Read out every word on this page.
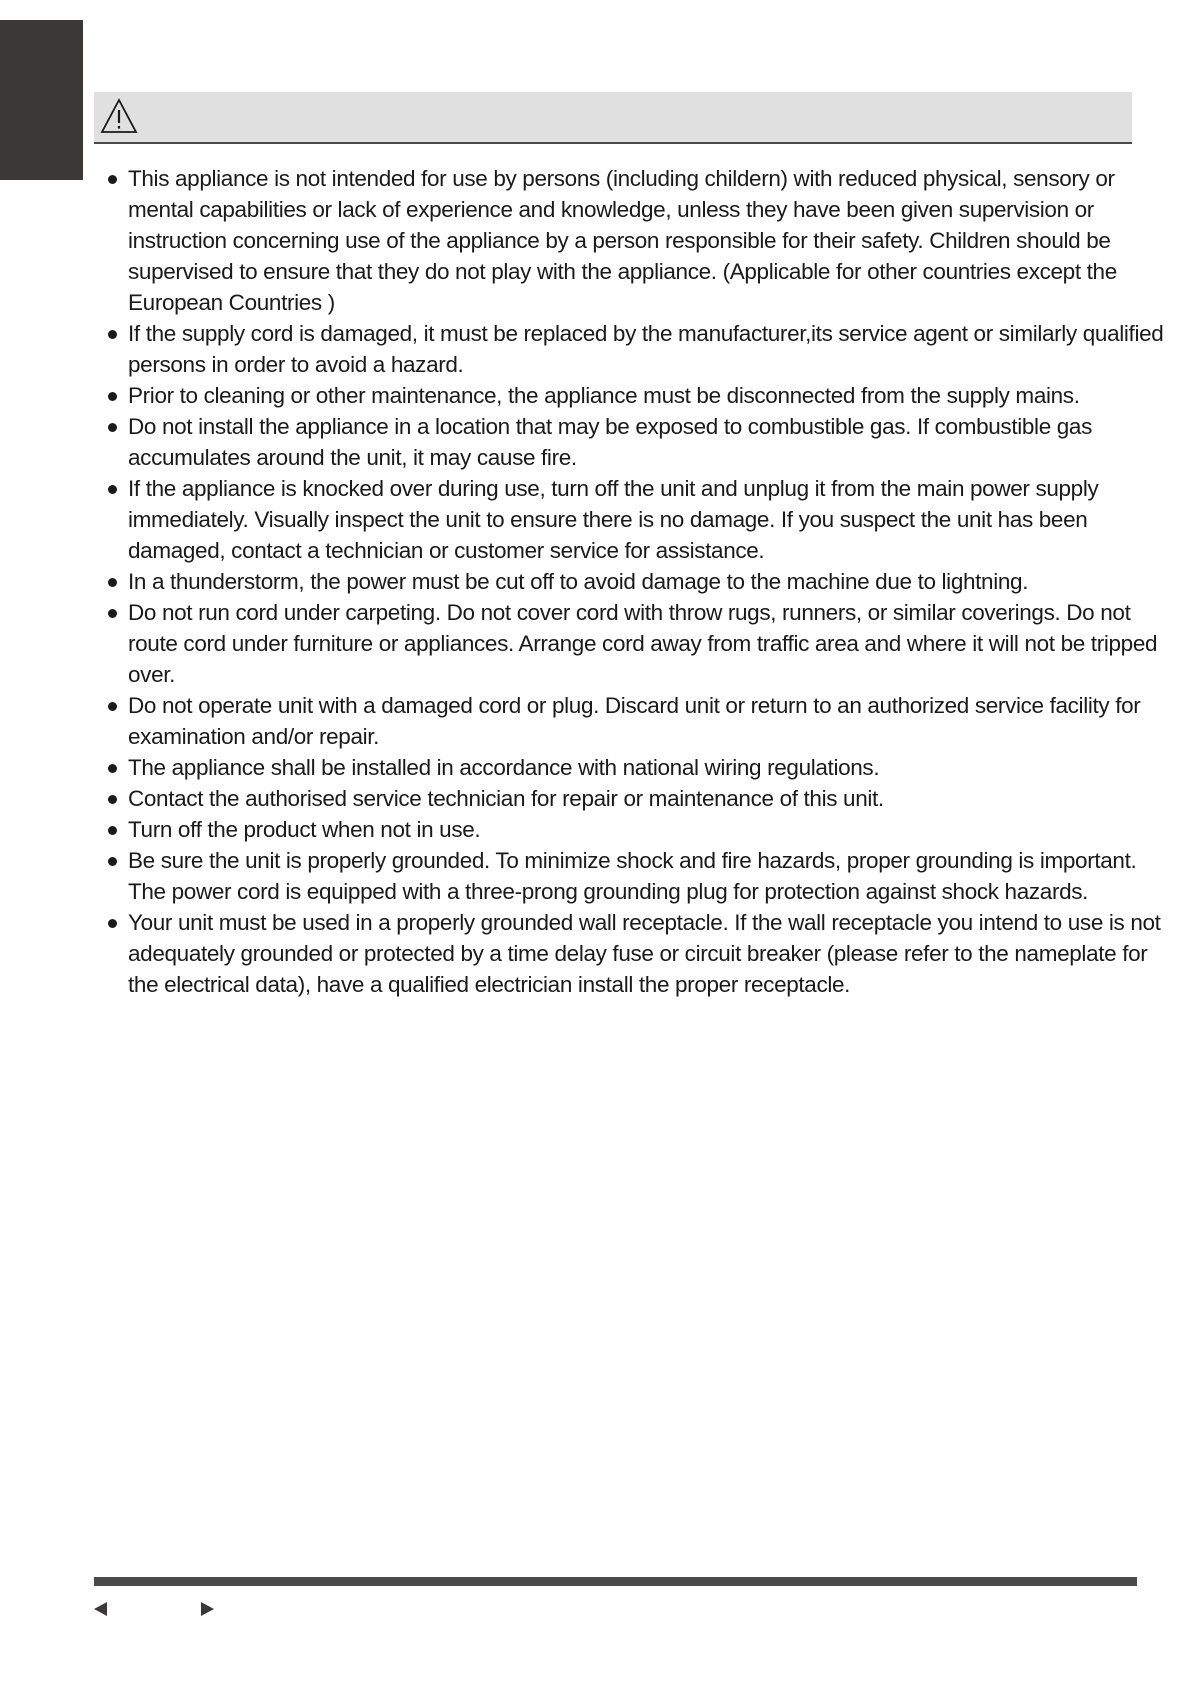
This appliance is not intended for use by persons (including childern) with reduced physical, sensory or mental capabilities or lack of experience and knowledge, unless they have been given supervision or instruction concerning use of the appliance by a person responsible for their safety. Children should be supervised to ensure that they do not play with the appliance. (Applicable for other countries except the European Countries )
If the supply cord is damaged, it must be replaced by the manufacturer,its service agent or similarly qualified persons in order to avoid a hazard.
Prior to cleaning or other maintenance, the appliance must be disconnected from the supply mains.
Do not install the appliance in a location that may be exposed to combustible gas. If combustible gas accumulates around the unit, it may cause fire.
If the appliance is knocked over during use, turn off the unit and unplug it from the main power supply immediately. Visually inspect the unit to ensure there is no damage. If you suspect the unit has been damaged, contact a technician or customer service for assistance.
In a thunderstorm, the power must be cut off to avoid damage to the machine due to lightning.
Do not run cord under carpeting. Do not cover cord with throw rugs, runners, or similar coverings. Do not route cord under furniture or appliances. Arrange cord away from traffic area and where it will not be tripped over.
Do not operate unit with a damaged cord or plug. Discard unit or return to an authorized service facility for examination and/or repair.
The appliance shall be installed in accordance with national wiring regulations.
Contact the authorised service technician for repair or maintenance of this unit.
Turn off the product when not in use.
Be sure the unit is properly grounded. To minimize shock and fire hazards, proper grounding is important. The power cord is equipped with a three-prong grounding plug for protection against shock hazards.
Your unit must be used in a properly grounded wall receptacle. If the wall receptacle you intend to use is not adequately grounded or protected by a time delay fuse or circuit breaker (please refer to the nameplate for the electrical data), have a qualified electrician install the proper receptacle.
